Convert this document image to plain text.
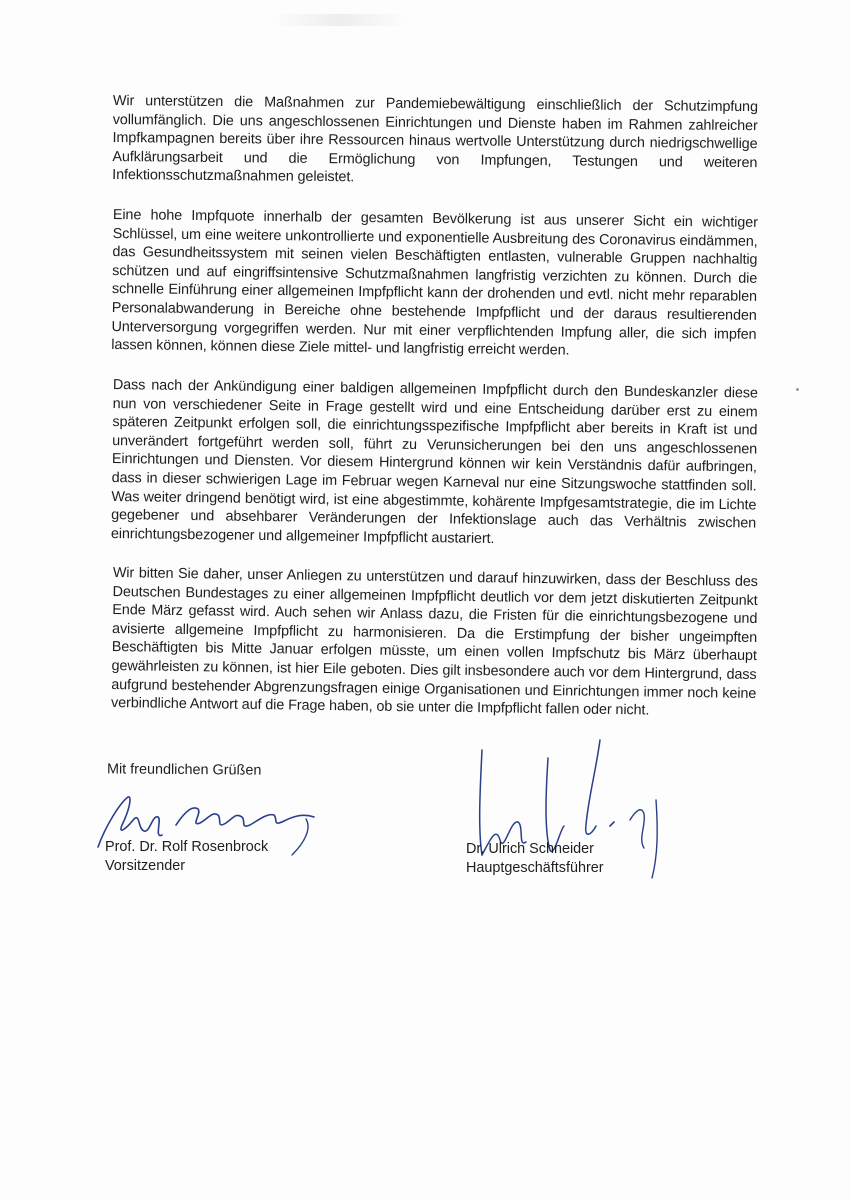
Wir unterstützen die Maßnahmen zur Pandemiebewältigung einschließlich der Schutzimpfung vollumfänglich. Die uns angeschlossenen Einrichtungen und Dienste haben im Rahmen zahlreicher Impfkampagnen bereits über ihre Ressourcen hinaus wertvolle Unterstützung durch niedrigschwellige Aufklärungsarbeit und die Ermöglichung von Impfungen, Testungen und weiteren Infektionsschutzmaßnahmen geleistet.

Eine hohe Impfquote innerhalb der gesamten Bevölkerung ist aus unserer Sicht ein wichtiger Schlüssel, um eine weitere unkontrollierte und exponentielle Ausbreitung des Coronavirus eindämmen, das Gesundheitssystem mit seinen vielen Beschäftigten entlasten, vulnerable Gruppen nachhaltig schützen und auf eingriffsintensive Schutzmaßnahmen langfristig verzichten zu können. Durch die schnelle Einführung einer allgemeinen Impfpflicht kann der drohenden und evtl. nicht mehr reparablen Personalabwanderung in Bereiche ohne bestehende Impfpflicht und der daraus resultierenden Unterversorgung vorgegriffen werden. Nur mit einer verpflichtenden Impfung aller, die sich impfen lassen können, können diese Ziele mittel- und langfristig erreicht werden.

Dass nach der Ankündigung einer baldigen allgemeinen Impfpflicht durch den Bundeskanzler diese nun von verschiedener Seite in Frage gestellt wird und eine Entscheidung darüber erst zu einem späteren Zeitpunkt erfolgen soll, die einrichtungsspezifische Impfpflicht aber bereits in Kraft ist und unverändert fortgeführt werden soll, führt zu Verunsicherungen bei den uns angeschlossenen Einrichtungen und Diensten. Vor diesem Hintergrund können wir kein Verständnis dafür aufbringen, dass in dieser schwierigen Lage im Februar wegen Karneval nur eine Sitzungswoche stattfinden soll. Was weiter dringend benötigt wird, ist eine abgestimmte, kohärente Impfgesamtstrategie, die im Lichte gegebener und absehbarer Veränderungen der Infektionslage auch das Verhältnis zwischen einrichtungsbezogener und allgemeiner Impfpflicht austariert.

Wir bitten Sie daher, unser Anliegen zu unterstützen und darauf hinzuwirken, dass der Beschluss des Deutschen Bundestages zu einer allgemeinen Impfpflicht deutlich vor dem jetzt diskutierten Zeitpunkt Ende März gefasst wird. Auch sehen wir Anlass dazu, die Fristen für die einrichtungsbezogene und avisierte allgemeine Impfpflicht zu harmonisieren. Da die Erstimpfung der bisher ungeimpften Beschäftigten bis Mitte Januar erfolgen müsste, um einen vollen Impfschutz bis März überhaupt gewährleisten zu können, ist hier Eile geboten. Dies gilt insbesondere auch vor dem Hintergrund, dass aufgrund bestehender Abgrenzungsfragen einige Organisationen und Einrichtungen immer noch keine verbindliche Antwort auf die Frage haben, ob sie unter die Impfpflicht fallen oder nicht.

Mit freundlichen Grüßen
Prof. Dr. Rolf Rosenbrock
Vorsitzender
Dr. Ulrich Schneider
Hauptgeschäftsführer
